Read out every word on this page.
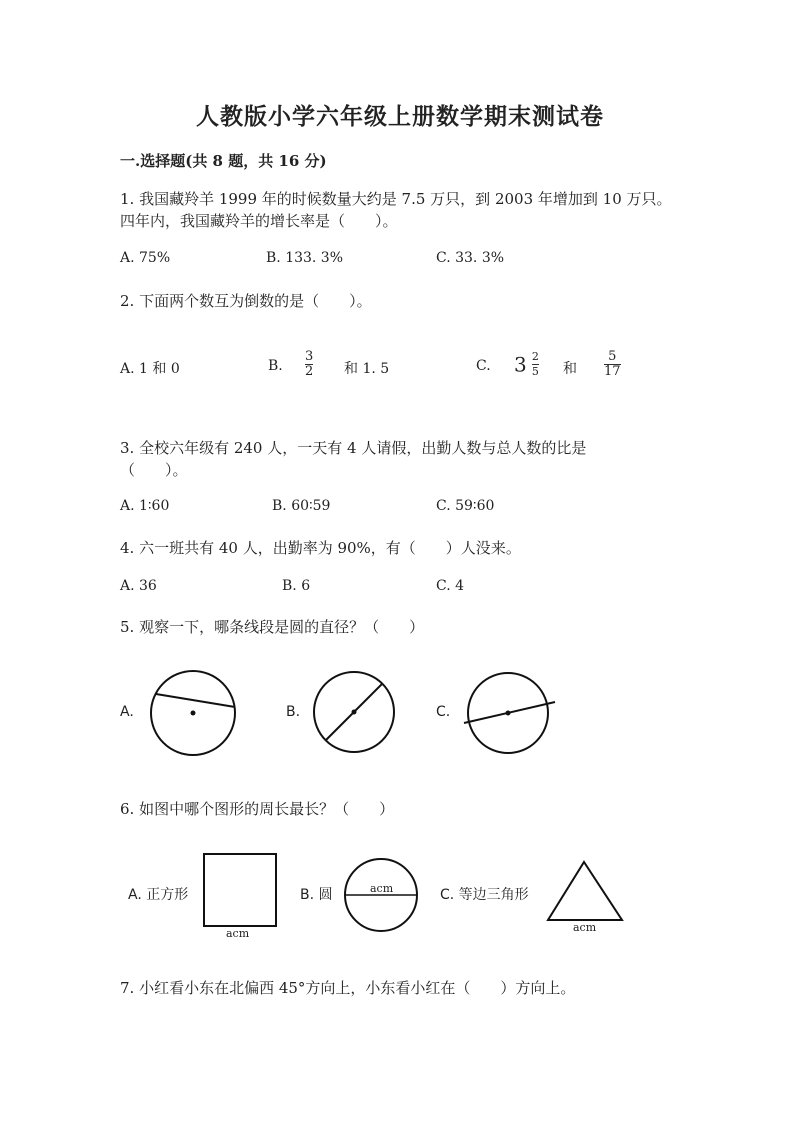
人教版小学六年级上册数学期末测试卷
一.选择题(共 8 题，共 16 分)
1. 我国藏羚羊 1999 年的时候数量大约是 7.5 万只，到 2003 年增加到 10 万只。
四年内，我国藏羚羊的增长率是（　　）。
A. 75%	B. 133. 3%	C. 33. 3%
2. 下面两个数互为倒数的是（　　）。
A. 1 和 0	B. $\frac{3}{2}$ 和 1. 5	C. $3 \frac{2}{5}$ 和 $\frac{5}{17}$
3. 全校六年级有 240 人，一天有 4 人请假，出勤人数与总人数的比是
（　　）。
A. 1∶60	B. 60∶59	C. 59∶60
4. 六一班共有 40 人，出勤率为 90%，有（　　）人没来。
A. 36	B. 6	C. 4
5. 观察一下，哪条线段是圆的直径？（　　）
A.	B.	C.
6. 如图中哪个图形的周长最长？（　　）
A. 正方形
acm
B. 圆	acm	C. 等边三角形
acm
7. 小红看小东在北偏西 45°方向上，小东看小红在（　　）方向上。
